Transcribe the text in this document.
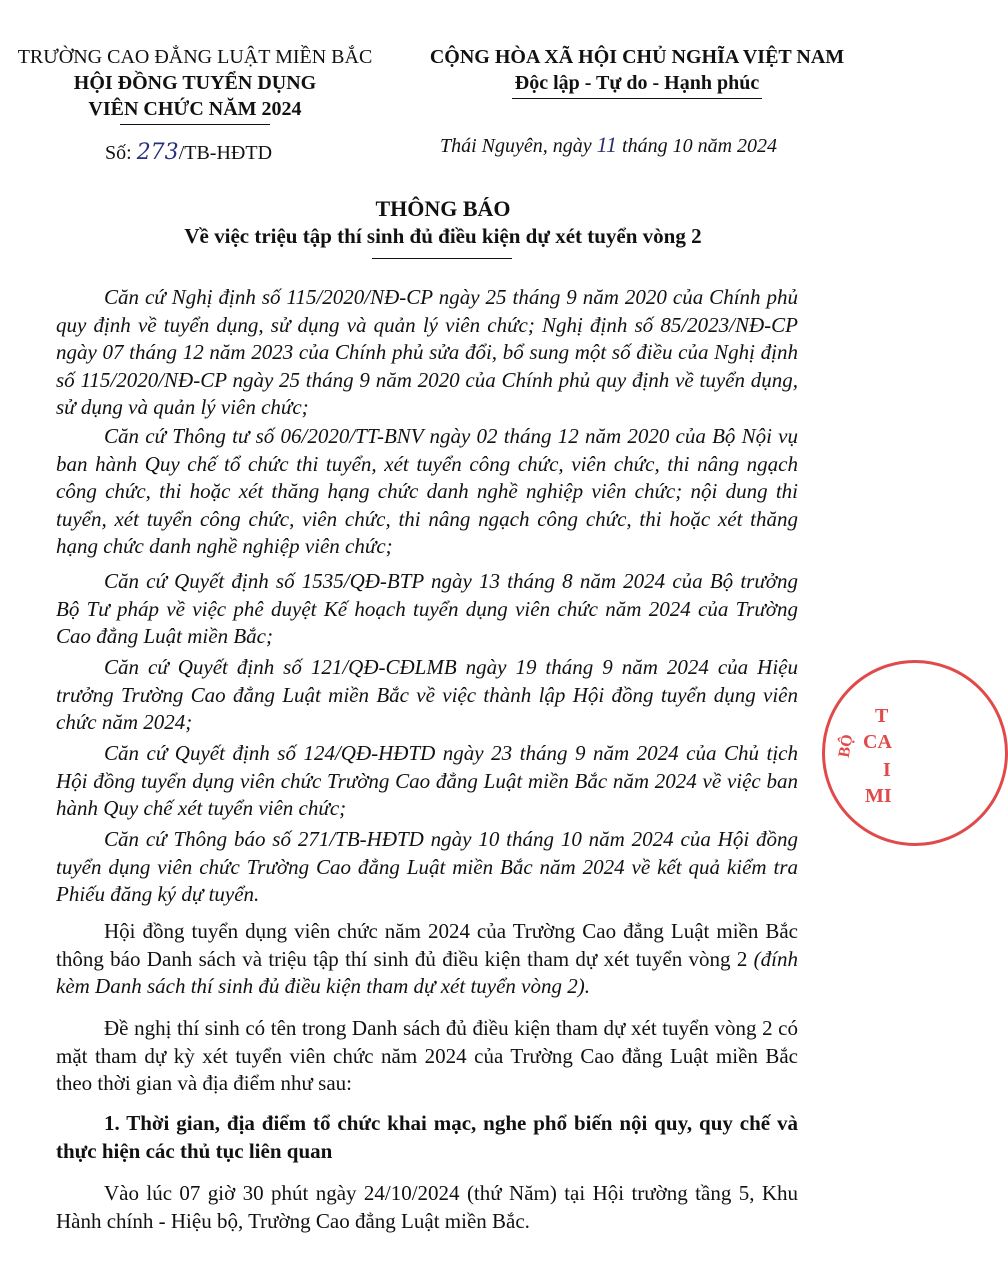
TRƯỜNG CAO ĐẲNG LUẬT MIỀN BẮC
HỘI ĐỒNG TUYỂN DỤNG
VIÊN CHỨC NĂM 2024
CỘNG HÒA XÃ HỘI CHỦ NGHĨA VIỆT NAM
Độc lập - Tự do - Hạnh phúc
Số: 273/TB-HĐTD	Thái Nguyên, ngày 11 tháng 10 năm 2024
THÔNG BÁO
Về việc triệu tập thí sinh đủ điều kiện dự xét tuyển vòng 2
Căn cứ Nghị định số 115/2020/NĐ-CP ngày 25 tháng 9 năm 2020 của Chính phủ quy định về tuyển dụng, sử dụng và quản lý viên chức; Nghị định số 85/2023/NĐ-CP ngày 07 tháng 12 năm 2023 của Chính phủ sửa đổi, bổ sung một số điều của Nghị định số 115/2020/NĐ-CP ngày 25 tháng 9 năm 2020 của Chính phủ quy định về tuyển dụng, sử dụng và quản lý viên chức;
Căn cứ Thông tư số 06/2020/TT-BNV ngày 02 tháng 12 năm 2020 của Bộ Nội vụ ban hành Quy chế tổ chức thi tuyển, xét tuyển công chức, viên chức, thi nâng ngạch công chức, thi hoặc xét thăng hạng chức danh nghề nghiệp viên chức; nội dung thi tuyển, xét tuyển công chức, viên chức, thi nâng ngạch công chức, thi hoặc xét thăng hạng chức danh nghề nghiệp viên chức;
Căn cứ Quyết định số 1535/QĐ-BTP ngày 13 tháng 8 năm 2024 của Bộ trưởng Bộ Tư pháp về việc phê duyệt Kế hoạch tuyển dụng viên chức năm 2024 của Trường Cao đẳng Luật miền Bắc;
Căn cứ Quyết định số 121/QĐ-CĐLMB ngày 19 tháng 9 năm 2024 của Hiệu trưởng Trường Cao đẳng Luật miền Bắc về việc thành lập Hội đồng tuyển dụng viên chức năm 2024;
Căn cứ Quyết định số 124/QĐ-HĐTD ngày 23 tháng 9 năm 2024 của Chủ tịch Hội đồng tuyển dụng viên chức Trường Cao đẳng Luật miền Bắc năm 2024 về việc ban hành Quy chế xét tuyển viên chức;
Căn cứ Thông báo số 271/TB-HĐTD ngày 10 tháng 10 năm 2024 của Hội đồng tuyển dụng viên chức Trường Cao đẳng Luật miền Bắc năm 2024 về kết quả kiểm tra Phiếu đăng ký dự tuyển.
Hội đồng tuyển dụng viên chức năm 2024 của Trường Cao đẳng Luật miền Bắc thông báo Danh sách và triệu tập thí sinh đủ điều kiện tham dự xét tuyển vòng 2 (đính kèm Danh sách thí sinh đủ điều kiện tham dự xét tuyển vòng 2).
Đề nghị thí sinh có tên trong Danh sách đủ điều kiện tham dự xét tuyển vòng 2 có mặt tham dự kỳ xét tuyển viên chức năm 2024 của Trường Cao đẳng Luật miền Bắc theo thời gian và địa điểm như sau:
1. Thời gian, địa điểm tổ chức khai mạc, nghe phổ biến nội quy, quy chế và thực hiện các thủ tục liên quan
Vào lúc 07 giờ 30 phút ngày 24/10/2024 (thứ Năm) tại Hội trường tầng 5, Khu Hành chính - Hiệu bộ, Trường Cao đẳng Luật miền Bắc.
T
CA
I
MI
BỘ
